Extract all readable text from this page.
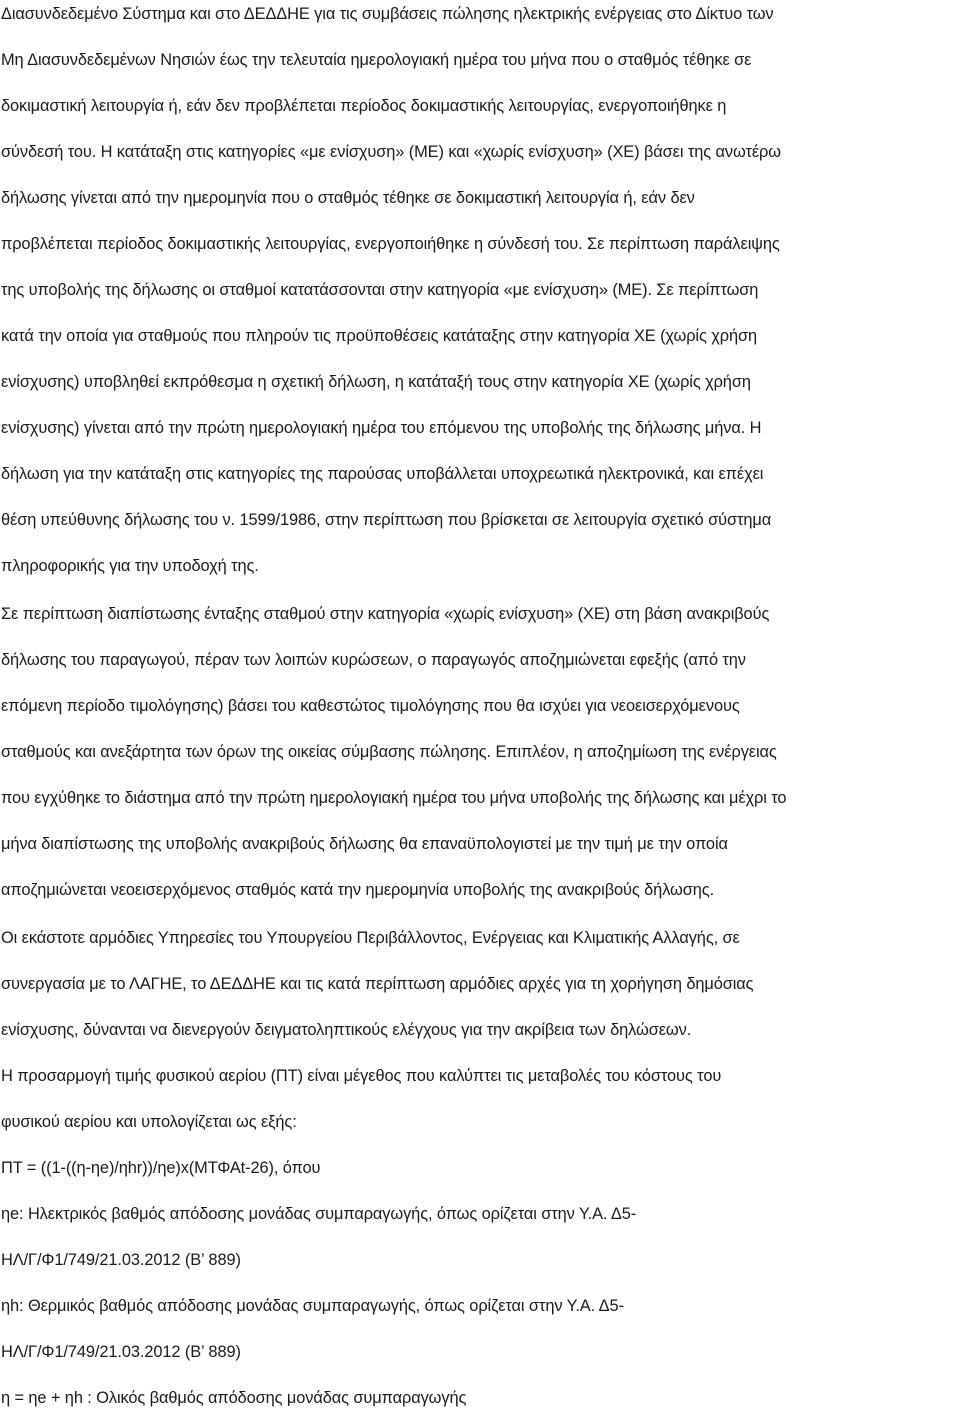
Διασυνδεδεμένο Σύστημα και στο ΔΕΔΔΗΕ για τις συμβάσεις πώλησης ηλεκτρικής ενέργειας στο Δίκτυο των
Μη Διασυνδεδεμένων Νησιών έως την τελευταία ημερολογιακή ημέρα του μήνα που ο σταθμός τέθηκε σε
δοκιμαστική λειτουργία ή, εάν δεν προβλέπεται περίοδος δοκιμαστικής λειτουργίας, ενεργοποιήθηκε η
σύνδεσή του. Η κατάταξη στις κατηγορίες «με ενίσχυση» (ΜΕ) και «χωρίς ενίσχυση» (ΧΕ) βάσει της ανωτέρω
δήλωσης γίνεται από την ημερομηνία που ο σταθμός τέθηκε σε δοκιμαστική λειτουργία ή, εάν δεν
προβλέπεται περίοδος δοκιμαστικής λειτουργίας, ενεργοποιήθηκε η σύνδεσή του. Σε περίπτωση παράλειψης
της υποβολής της δήλωσης οι σταθμοί κατατάσσονται στην κατηγορία «με ενίσχυση» (ΜΕ). Σε περίπτωση
κατά την οποία για σταθμούς που πληρούν τις προϋποθέσεις κατάταξης στην κατηγορία ΧΕ (χωρίς χρήση
ενίσχυσης) υποβληθεί εκπρόθεσμα η σχετική δήλωση, η κατάταξή τους στην κατηγορία ΧΕ (χωρίς χρήση
ενίσχυσης) γίνεται από την πρώτη ημερολογιακή ημέρα του επόμενου της υποβολής της δήλωσης μήνα. Η
δήλωση για την κατάταξη στις κατηγορίες της παρούσας υποβάλλεται υποχρεωτικά ηλεκτρονικά, και επέχει
θέση υπεύθυνης δήλωσης του ν. 1599/1986, στην περίπτωση που βρίσκεται σε λειτουργία σχετικό σύστημα
πληροφορικής για την υποδοχή της.
Σε περίπτωση διαπίστωσης ένταξης σταθμού στην κατηγορία «χωρίς ενίσχυση» (ΧΕ) στη βάση ανακριβούς
δήλωσης του παραγωγού, πέραν των λοιπών κυρώσεων, ο παραγωγός αποζημιώνεται εφεξής (από την
επόμενη περίοδο τιμολόγησης) βάσει του καθεστώτος τιμολόγησης που θα ισχύει για νεοεισερχόμενους
σταθμούς και ανεξάρτητα των όρων της οικείας σύμβασης πώλησης. Επιπλέον, η αποζημίωση της ενέργειας
που εγχύθηκε το διάστημα από την πρώτη ημερολογιακή ημέρα του μήνα υποβολής της δήλωσης και μέχρι το
μήνα διαπίστωσης της υποβολής ανακριβούς δήλωσης θα επαναϋπολογιστεί με την τιμή με την οποία
αποζημιώνεται νεοεισερχόμενος σταθμός κατά την ημερομηνία υποβολής της ανακριβούς δήλωσης.
Οι εκάστοτε αρμόδιες Υπηρεσίες του Υπουργείου Περιβάλλοντος, Ενέργειας και Κλιματικής Αλλαγής, σε
συνεργασία με το ΛΑΓΗΕ, το ΔΕΔΔΗΕ και τις κατά περίπτωση αρμόδιες αρχές για τη χορήγηση δημόσιας
ενίσχυσης, δύνανται να διενεργούν δειγματοληπτικούς ελέγχους για την ακρίβεια των δηλώσεων.
Η προσαρμογή τιμής φυσικού αερίου (ΠΤ) είναι μέγεθος που καλύπτει τις μεταβολές του κόστους του
φυσικού αερίου και υπολογίζεται ως εξής:
ΠΤ = ((1-((η-ηe)/ηhr))/ηe)x(ΜΤΦΑt-26), όπου
ηe: Ηλεκτρικός βαθμός απόδοσης μονάδας συμπαραγωγής, όπως ορίζεται στην Υ.Α. Δ5-
ΗΛ/Γ/Φ1/749/21.03.2012 (Β’ 889)
ηh: Θερμικός βαθμός απόδοσης μονάδας συμπαραγωγής, όπως ορίζεται στην Υ.Α. Δ5-
ΗΛ/Γ/Φ1/749/21.03.2012 (Β’ 889)
η = ηe + ηh : Ολικός βαθμός απόδοσης μονάδας συμπαραγωγής
